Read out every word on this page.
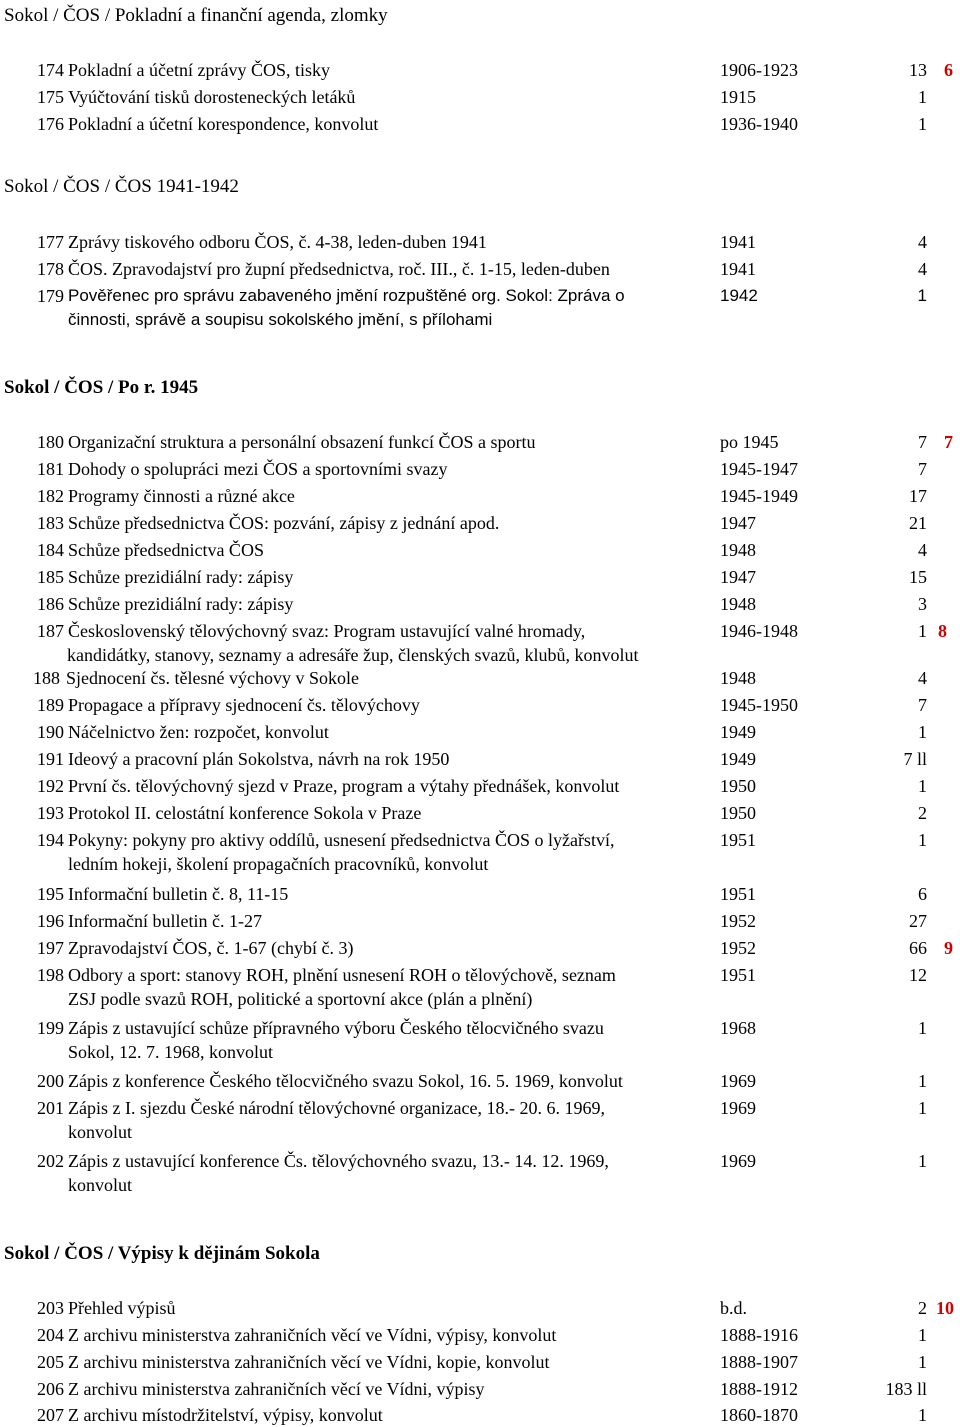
Sokol / ČOS / Pokladní a finanční agenda, zlomky
174 Pokladní a účetní zprávy ČOS, tisky	1906-1923	13 6
175 Vyúčtování tisků dorosteneckých letáků	1915	1
176 Pokladní a účetní korespondence, konvolut	1936-1940	1
Sokol / ČOS / ČOS 1941-1942
177 Zprávy tiskového odboru ČOS, č. 4-38, leden-duben 1941	1941	4
178 ČOS. Zpravodajství pro župní předsednictva, roč. III., č. 1-15, leden-duben	1941	4
179 Pověřenec pro správu zabaveného jmění rozpuštěné org. Sokol: Zpráva o
činnosti, správě a soupisu sokolského jmění, s přílohami
1942	1
Sokol / ČOS / Po r. 1945
180 Organizační struktura a personální obsazení funkcí ČOS a sportu	po 1945	7 7
181 Dohody o spolupráci mezi ČOS a sportovními svazy	1945-1947	7
182 Programy činnosti a různé akce	1945-1949	17
183 Schůze předsednictva ČOS: pozvání, zápisy z jednání apod.	1947	21
184 Schůze předsednictva ČOS	1948	4
185 Schůze prezidiální rady: zápisy	1947	15
186 Schůze prezidiální rady: zápisy	1948	3
187 Československý tělovýchovný svaz: Program ustavující valné hromady,
kandidátky, stanovy, seznamy a adresáře žup, členských svazů, klubů, konvolut
1946-1948	1 8
188 Sjednocení čs. tělesné výchovy v Sokole	1948	4
189 Propagace a přípravy sjednocení čs. tělovýchovy	1945-1950	7
190 Náčelnictvo žen: rozpočet, konvolut	1949	1
191 Ideový a pracovní plán Sokolstva, návrh na rok 1950	1949	7 ll
192 První čs. tělovýchovný sjezd v Praze, program a výtahy přednášek, konvolut	1950	1
193 Protokol II. celostátní konference Sokola v Praze	1950	2
194 Pokyny: pokyny pro aktivy oddílů, usnesení předsednictva ČOS o lyžařství,
ledním hokeji, školení propagačních pracovníků, konvolut
1951	1
195 Informační bulletin č. 8, 11-15	1951	6
196 Informační bulletin č. 1-27	1952	27
197 Zpravodajství ČOS, č. 1-67 (chybí č. 3)	1952	66 9
198 Odbory a sport: stanovy ROH, plnění usnesení ROH o tělovýchově, seznam
ZSJ podle svazů ROH, politické a sportovní akce (plán a plnění)
1951	12
199 Zápis z ustavující schůze přípravného výboru Českého tělocvičného svazu
Sokol, 12. 7. 1968, konvolut
1968	1
200 Zápis z konference Českého tělocvičného svazu Sokol, 16. 5. 1969, konvolut	1969	1
201 Zápis z I. sjezdu České národní tělovýchovné organizace, 18.- 20. 6. 1969,
konvolut
1969	1
202 Zápis z ustavující konference Čs. tělovýchovného svazu, 13.- 14. 12. 1969,
konvolut
1969	1
Sokol / ČOS / Výpisy k dějinám Sokola
203 Přehled výpisů	b.d.	2 10
204 Z archivu ministerstva zahraničních věcí ve Vídni, výpisy, konvolut	1888-1916	1
205 Z archivu ministerstva zahraničních věcí ve Vídni, kopie, konvolut	1888-1907	1
206 Z archivu ministerstva zahraničních věcí ve Vídni, výpisy	1888-1912	183 ll
207 Z archivu místodržitelství, výpisy, konvolut	1860-1870	1
